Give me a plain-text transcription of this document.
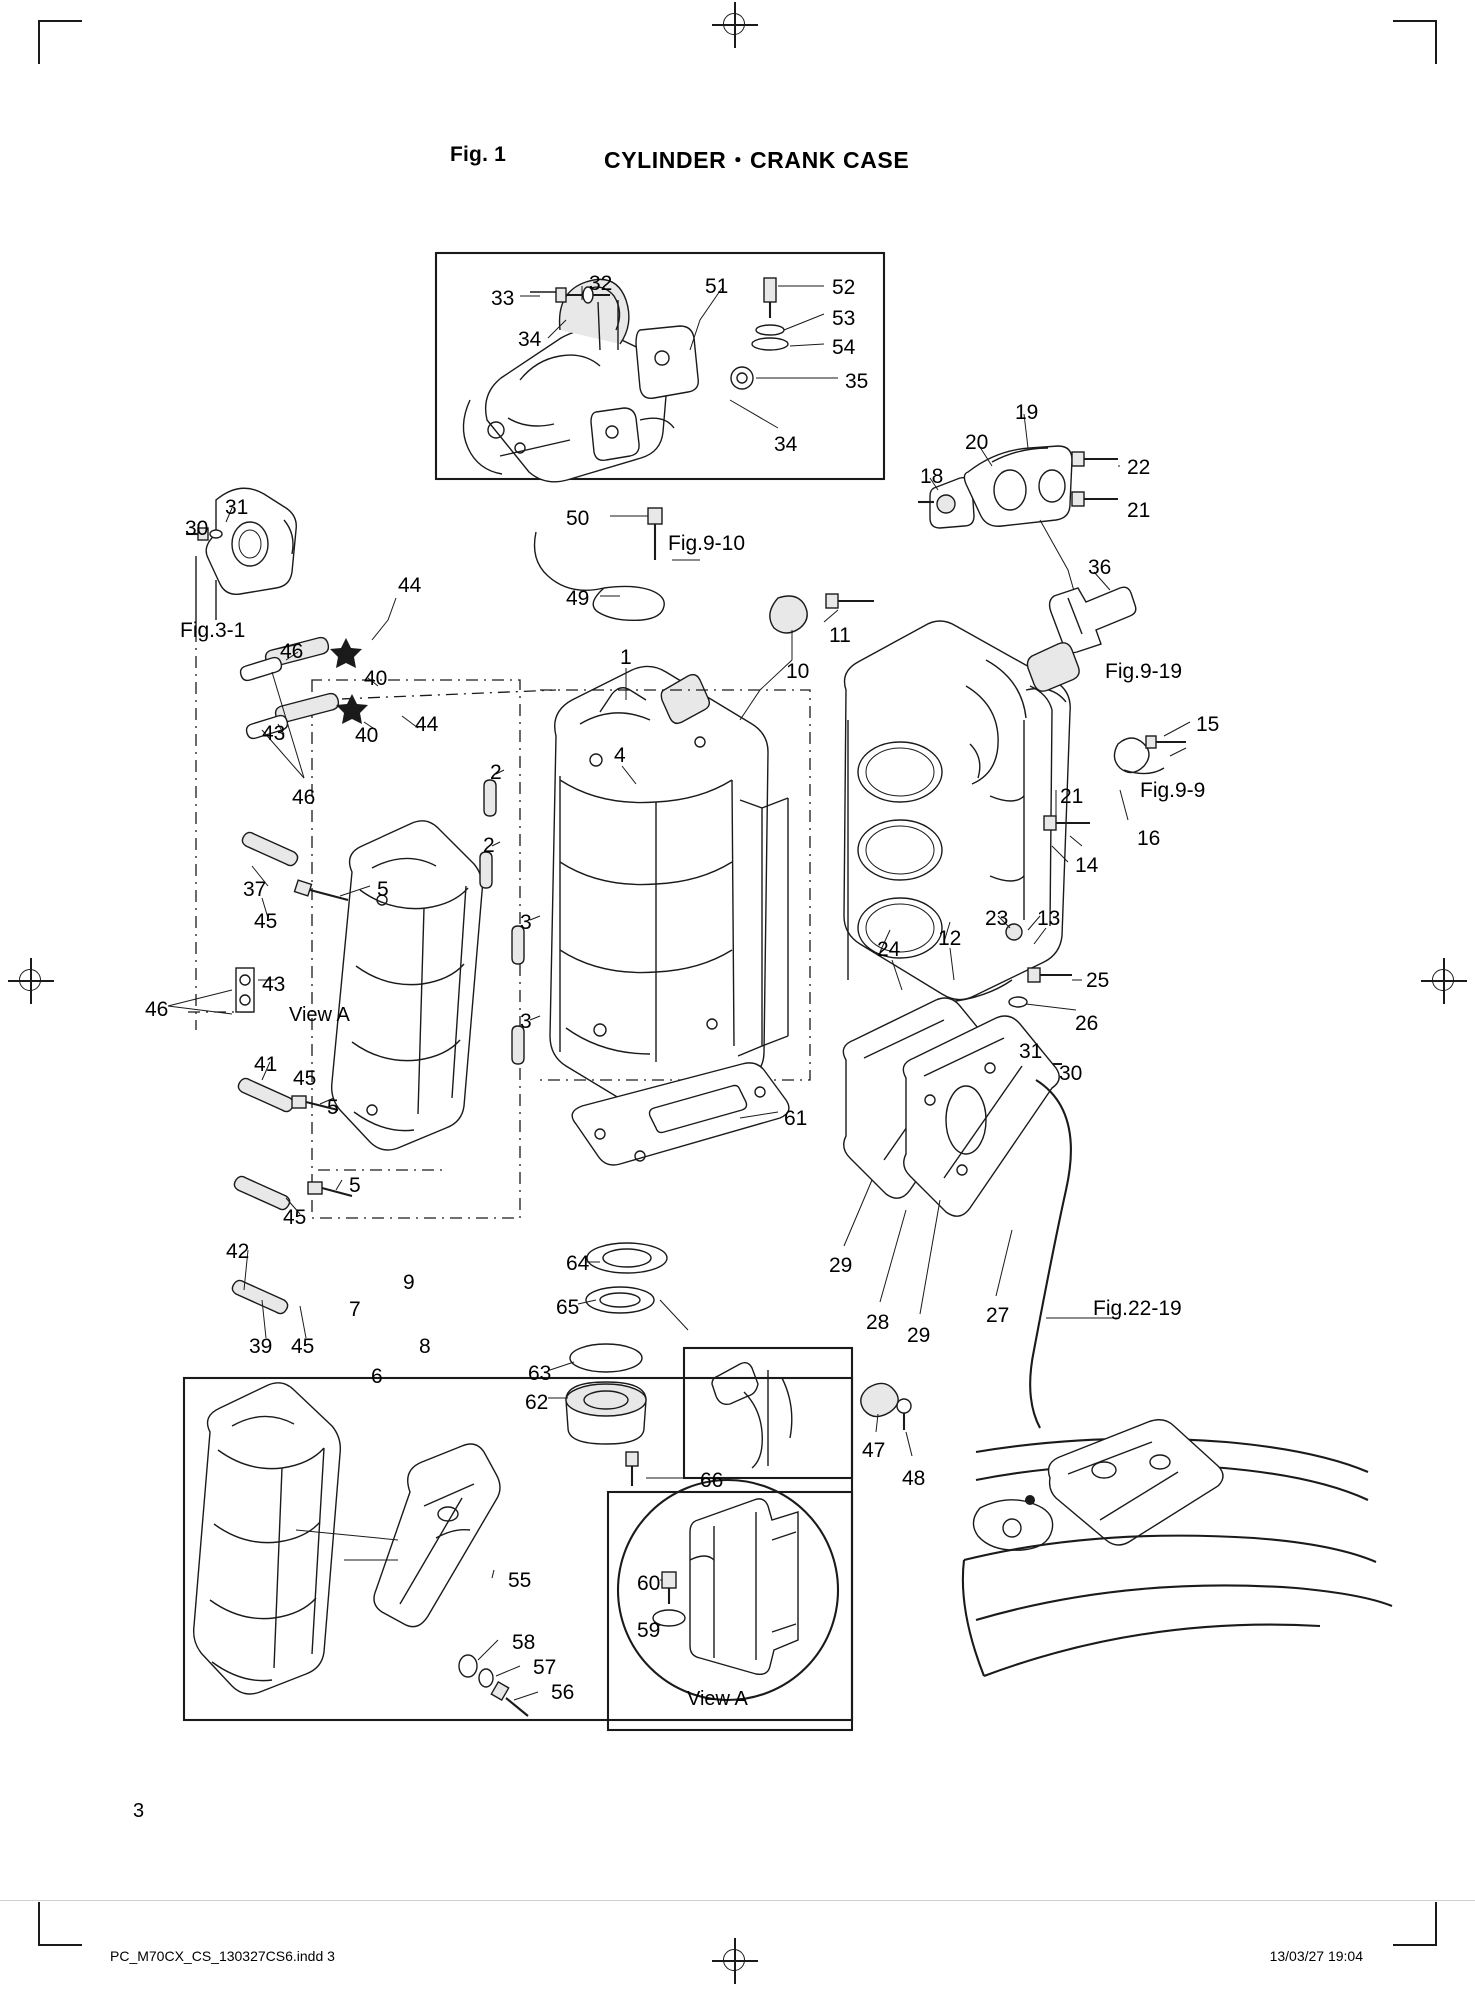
Fig. 1	CYLINDER・CRANK CASE
33
32	51	52
53
54
34
35
34
19
20
18	22
21
30
31
44
50
49
11
10
36
1
46
40
40
43	44
46
15
21
16
14
4
2
2
3
3
37
45
5
43
46
41
45
5
5
45
42
39 45
7
9
8
6
24 12
13
23
25
26
31
30
61
29
28
29
27
64
65
63
62
66
47
48
55
58
57
56
60
59
Fig.3-1
Fig.9-10
Fig.9-19
Fig.9-9
Fig.22-19
View A
View A
3
PC_M70CX_CS_130327CS6.indd 3	13/03/27 19:04
